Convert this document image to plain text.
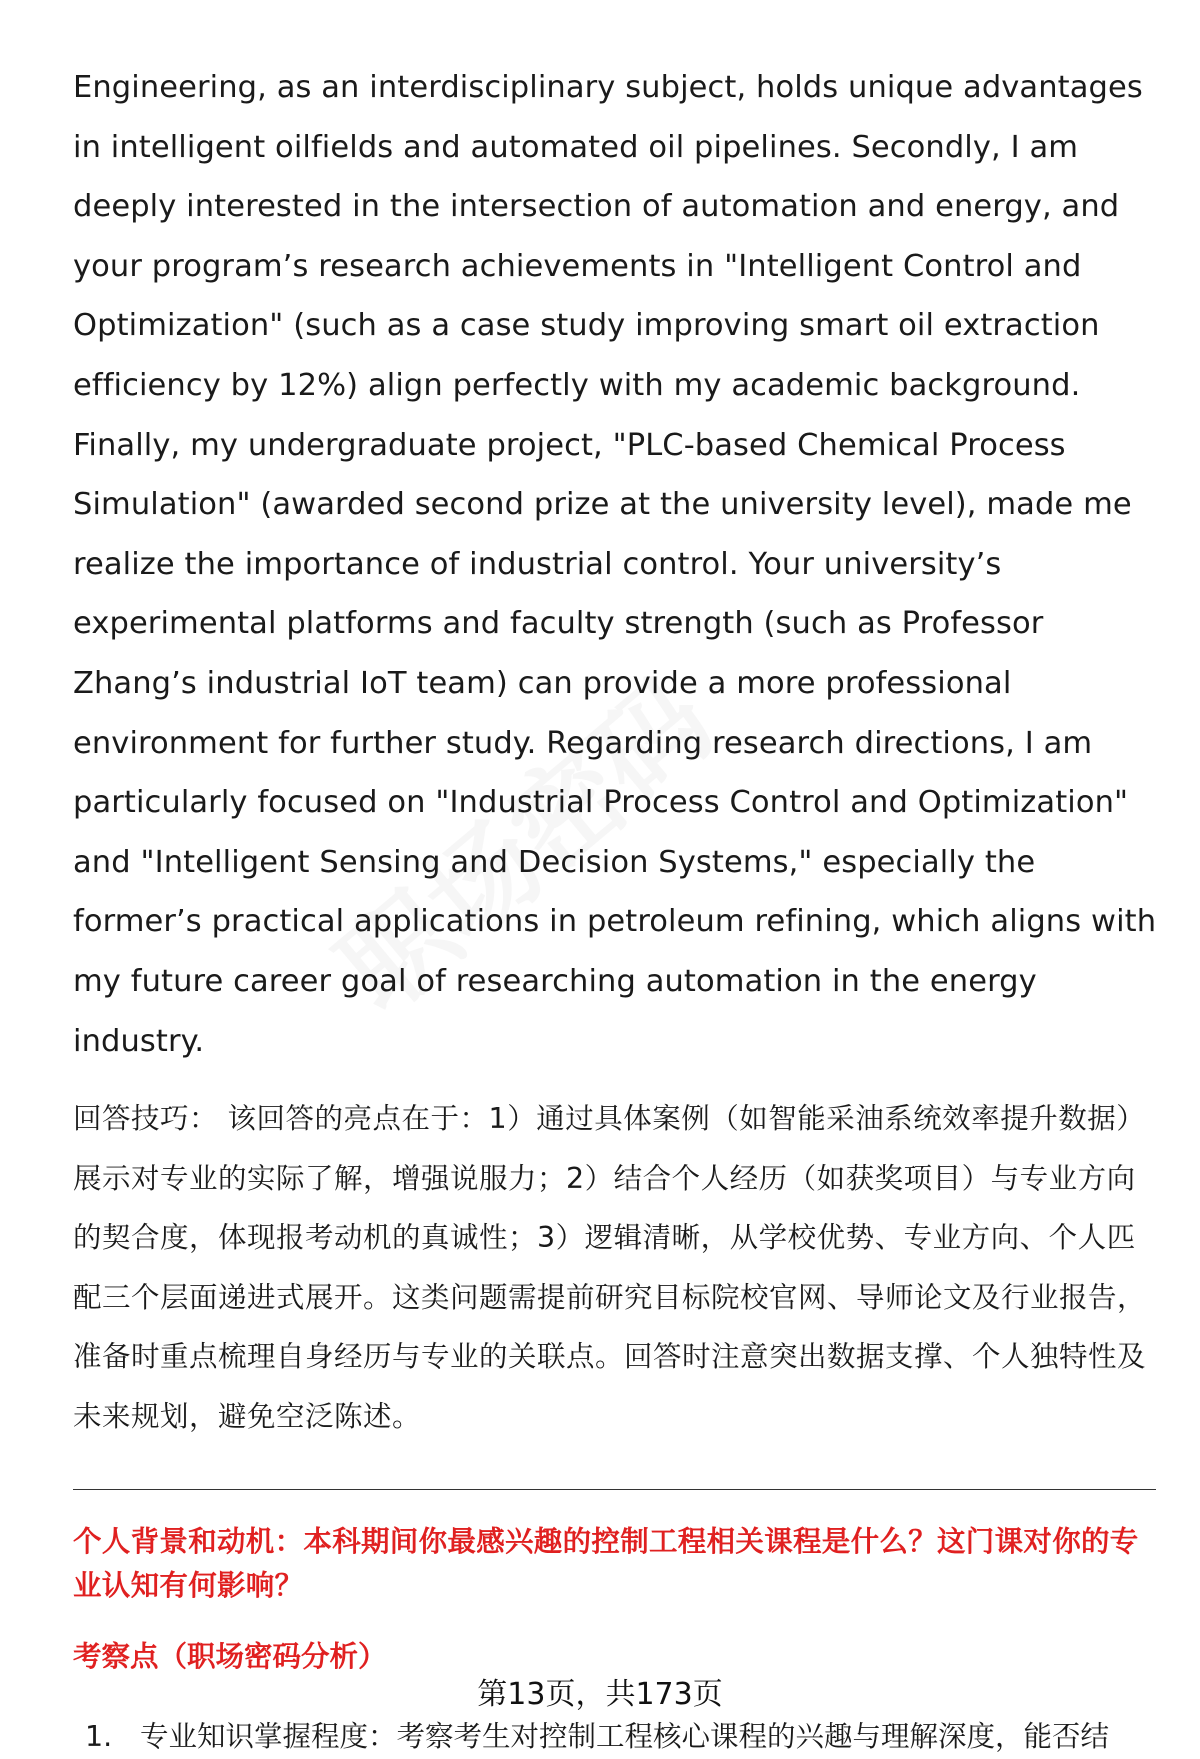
Engineering, as an interdisciplinary subject, holds unique advantages in intelligent oilfields and automated oil pipelines. Secondly, I am deeply interested in the intersection of automation and energy, and your program’s research achievements in "Intelligent Control and Optimization" (such as a case study improving smart oil extraction efficiency by 12%) align perfectly with my academic background. Finally, my undergraduate project, "PLC-based Chemical Process Simulation" (awarded second prize at the university level), made me realize the importance of industrial control. Your university’s experimental platforms and faculty strength (such as Professor Zhang’s industrial IoT team) can provide a more professional environment for further study. Regarding research directions, I am particularly focused on "Industrial Process Control and Optimization" and "Intelligent Sensing and Decision Systems," especially the former’s practical applications in petroleum refining, which aligns with my future career goal of researching automation in the energy industry.

回答技巧： 该回答的亮点在于：1）通过具体案例（如智能采油系统效率提升数据）展示对专业的实际了解，增强说服力；2）结合个人经历（如获奖项目）与专业方向的契合度，体现报考动机的真诚性；3）逻辑清晰，从学校优势、专业方向、个人匹配三个层面递进式展开。这类问题需提前研究目标院校官网、导师论文及行业报告，准备时重点梳理自身经历与专业的关联点。回答时注意突出数据支撑、个人独特性及未来规划，避免空泛陈述。

个人背景和动机：本科期间你最感兴趣的控制工程相关课程是什么？这门课对你的专业认知有何影响？
考察点（职场密码分析）
1. 专业知识掌握程度：考察考生对控制工程核心课程的兴趣与理解深度，能否结
第13页，共173页
